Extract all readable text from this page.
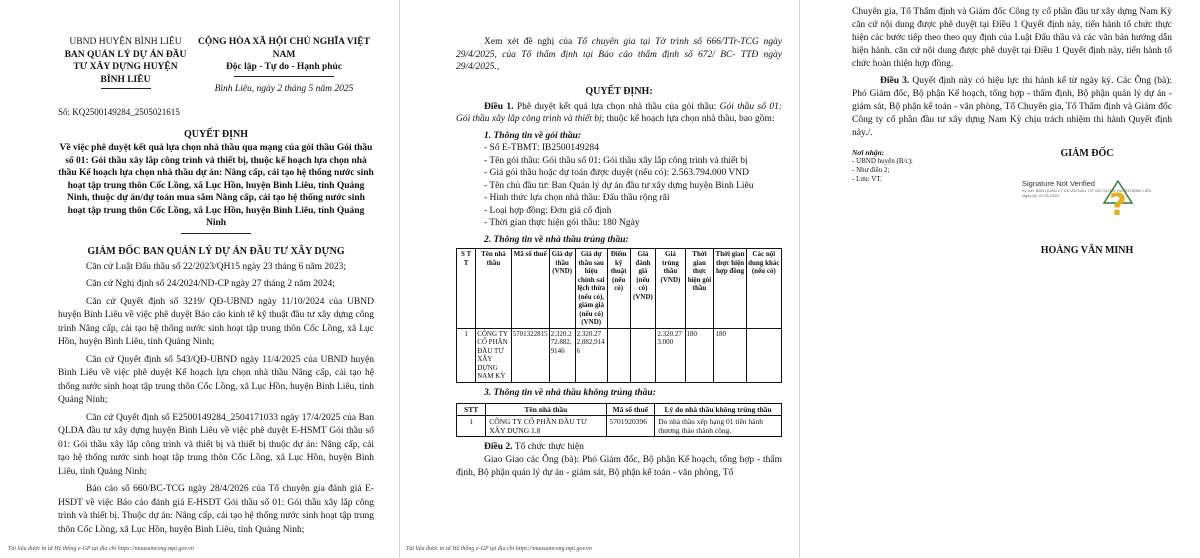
UBND HUYỆN BÌNH LIÊU
BAN QUẢN LÝ DỰ ÁN ĐẦU
TƯ XÂY DỰNG HUYỆN
BÌNH LIÊU
CỘNG HÒA XÃ HỘI CHỦ NGHĨA VIỆT NAM
Độc lập - Tự do - Hạnh phúc
Bình Liêu, ngày 2 tháng 5 năm 2025
Số: KQ2500149284_2505021615
QUYẾT ĐỊNH
Về việc phê duyệt kết quả lựa chọn nhà thầu qua mạng của gói thầu Gói thầu số 01: Gói thầu xây lắp công trình và thiết bị, thuộc kế hoạch lựa chọn nhà thầu Kế hoạch lựa chọn nhà thầu dự án: Nâng cấp, cải tạo hệ thống nước sinh hoạt tập trung thôn Cốc Lồng, xã Lục Hồn, huyện Bình Liêu, tỉnh Quảng Ninh, thuộc dự án/dự toán mua sắm Nâng cấp, cải tạo hệ thống nước sinh hoạt tập trung thôn Cốc Lồng, xã Lục Hồn, huyện Bình Liêu, tỉnh Quảng Ninh
GIÁM ĐỐC BAN QUẢN LÝ DỰ ÁN ĐẦU TƯ XÂY DỰNG

Căn cứ Luật Đấu thầu số 22/2023/QH15 ngày 23 tháng 6 năm 2023;

Căn cứ Nghị định số 24/2024/ND-CP ngày 27 tháng 2 năm 2024;

Căn cứ Quyết định số 3219/ QĐ-UBND ngày 11/10/2024 của UBND huyện Bình Liêu về việc phê duyệt Báo cáo kinh tế kỹ thuật đầu tư xây dựng công trình Nâng cấp, cải tạo hệ thống nước sinh hoạt tập trung thôn Cốc Lồng, xã Lục Hồn, huyện Bình Liêu, tỉnh Quảng Ninh;

Căn cứ Quyết định số 543/QĐ-UBND ngày 11/4/2025 của UBND huyện Bình Liêu về việc phê duyệt Kế hoạch lựa chọn nhà thầu Nâng cấp, cải tạo hệ thống nước sinh hoạt tập trung thôn Cốc Lồng, xã Lục Hồn, huyện Bình Liêu, tỉnh Quảng Ninh;

Căn cứ Quyết định số E2500149284_2504171033 ngày 17/4/2025 của Ban QLDA đầu tư xây dựng huyện Bình Liêu về việc phê duyệt E-HSMT Gói thầu số 01: Gói thầu xây lắp công trình và thiết bị và thiết bị thuộc dự án: Nâng cấp, cải tạo hệ thống nước sinh hoạt tập trung thôn Cốc Lồng, xã Lục Hồn, huyện Bình Liêu, tỉnh Quảng Ninh;

Báo cáo số 660/BC-TCG ngày 28/4/2026 của Tổ chuyên gia đánh giá E-HSDT về việc Báo cáo đánh giá E-HSDT Gói thầu số 01: Gói thầu xây lắp công trình và thiết bị. Thuộc dự án: Nâng cấp, cải tạo hệ thống nước sinh hoạt tập trung thôn Cốc Lồng, xã Lục Hồn, huyện Bình Liêu, tỉnh Quảng Ninh;

Tài liệu được in từ Hệ thống e-GP tại địa chỉ https://muasamcong.mpi.gov.vn

Xem xét đề nghị của Tổ chuyên gia tại Tờ trình số 666/TTr-TCG ngày 29/4/2025, của Tổ thẩm định tại Báo cáo thẩm định số 672/ BC- TTĐ ngày 29/4/2025.,

QUYẾT ĐỊNH:

Điều 1. Phê duyệt kết quả lựa chọn nhà thầu của gói thầu: Gói thầu số 01: Gói thầu xây lắp công trình và thiết bị; thuộc kế hoạch lựa chọn nhà thầu, bao gồm:

1. Thông tin về gói thầu:
- Số E-TBMT: IB2500149284
- Tên gói thầu: Gói thầu số 01: Gói thầu xây lắp công trình và thiết bị
- Giá gói thầu hoặc dự toán được duyệt (nếu có): 2.563.794.000 VND
- Tên chủ đầu tư: Ban Quản lý dự án đầu tư xây dựng huyện Bình Liêu
- Hình thức lựa chọn nhà thầu: Đấu thầu rộng rãi
- Loại hợp đồng: Đơn giá cố định
- Thời gian thực hiện gói thầu: 180 Ngày
2. Thông tin về nhà thầu trúng thầu:
S T T	Tên nhà thầu	Mã số thuế	Giá dự thầu (VND)	Giá dự thầu sau hiệu chỉnh sai lệch thừa (nếu có), giảm giá (nếu có) (VND)	Điểm kỹ thuật (nếu có)	Giá đánh giá (nếu có) (VND)	Giá trúng thầu (VND)	Thời gian thực hiện gói thầu	Thời gian thực hiện hợp đồng	Các nội dung khác (nếu có)
1	CÔNG TY CỔ PHẦN ĐẦU TƯ XÂY DỰNG NAM KỲ	5701322815	2.320.272.882,9146	2.320.272.882,9146			2.320.273.000	180	180	
3. Thông tin về nhà thầu không trúng thầu:
STT	Tên nhà thầu	Mã số thuế	Lý do nhà thầu không trúng thầu
1	CÔNG TY CỔ PHẦN ĐẦU TƯ XÂY DỰNG 1.8	5701920396	Do nhà thầu xếp hạng 01 tiến hành thương thảo thành công.
Điều 2. Tổ chức thực hiện

Giao Giao các Ông (bà): Phó Giám đốc, Bộ phận Kế hoạch, tổng hợp - thẩm định, Bộ phận quản lý dự án - giám sát, Bộ phận kế toán - văn phòng, Tổ

Tài liệu được in từ Hệ thống e-GP tại địa chỉ https://muasamcong.mpi.gov.vn

Chuyên gia, Tổ Thẩm định và Giám đốc Công ty cổ phần đầu tư xây dựng Nam Kỳ căn cứ nội dung được phê duyệt tại Điều 1 Quyết định này, tiến hành tổ chức thực hiện các bước tiếp theo theo quy định của Luật Đấu thầu và các văn bản hướng dẫn hiện hành. căn cứ nội dung được phê duyệt tại Điều 1 Quyết định này, tiến hành tổ chức hoàn thiện hợp đồng.

Điều 3. Quyết định này có hiệu lực thi hành kể từ ngày ký. Các Ông (bà): Phó Giám đốc, Bộ phận Kế hoạch, tổng hợp - thẩm định, Bộ phận quản lý dự án - giám sát, Bộ phận kế toán - văn phòng, Tổ Chuyên gia, Tổ Thẩm định và Giám đốc Công ty cổ phần đầu tư xây dựng Nam Kỳ chịu trách nhiệm thi hành Quyết định này./.

Nơi nhận:
- UBND huyện (B/c);
- Như điều 2;
- Lưu: VT.
GIÁM ĐỐC
Signature Not Verified
Ký bởi: BAN QUẢN LÝ DỰ ÁN ĐẦU TƯ XÂY DỰNG HUYỆN BÌNH LIÊU
Ngày ký: 02.05.2025	?
HOÀNG VĂN MINH
